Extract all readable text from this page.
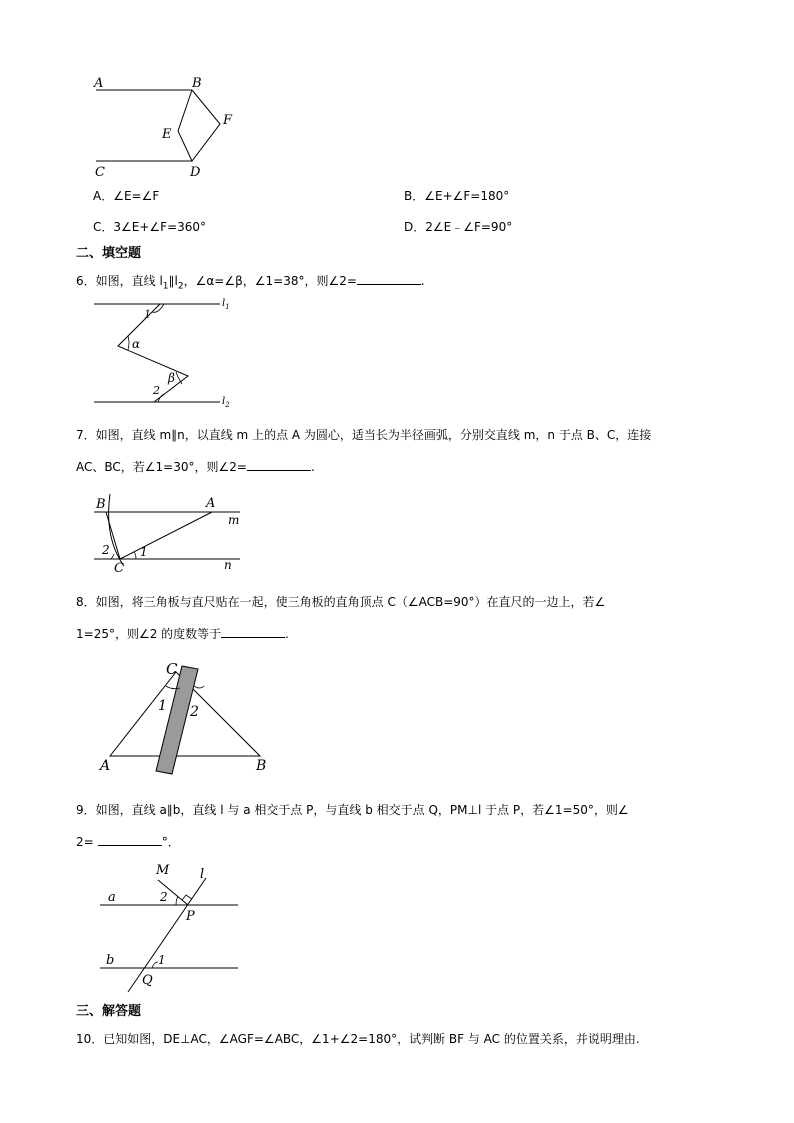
A	B
E
F
C	D
A．∠E=∠F	B．∠E+∠F=180°
C．3∠E+∠F=360°	D．2∠E﹣∠F=90°
二、填空题
6．如图，直线 $l_1\parallel l_2$，∠α=∠β，∠1=38°，则∠2=	.
1
α
β
2
$l_1$
$l_2$
7．如图，直线 m∥n，以直线 m 上的点 A 为圆心，适当长为半径画弧，分别交直线 m，n 于点 B、C，连接
AC、BC，若∠1=30°，则∠2=	.
B	A
m
2	1
C	n
8．如图，将三角板与直尺贴在一起，使三角板的直角顶点 C（∠ACB=90°）在直尺的一边上，若∠
1=25°，则∠2 的度数等于	.
C
1 2
A	B
9．如图，直线 a∥b，直线 l 与 a 相交于点 P，与直线 b 相交于点 Q，PM⊥l 于点 P，若∠1=50°，则∠
2=	°．
M l
a	2
P
b	1
Q
三、解答题
10．已知如图，DE⊥AC，∠AGF=∠ABC，∠1+∠2=180°，试判断 BF 与 AC 的位置关系，并说明理由.
